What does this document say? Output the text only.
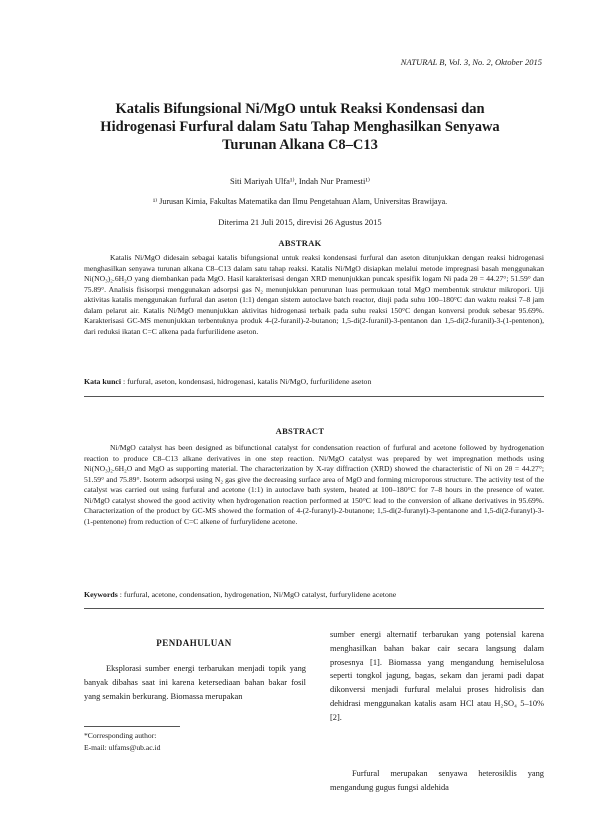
NATURAL B, Vol. 3, No. 2, Oktober 2015
Katalis Bifungsional Ni/MgO untuk Reaksi Kondensasi dan
Hidrogenasi Furfural dalam Satu Tahap Menghasilkan Senyawa
Turunan Alkana C8–C13
Siti Mariyah Ulfa¹⁾, Indah Nur Pramesti¹⁾
¹⁾ Jurusan Kimia, Fakultas Matematika dan Ilmu Pengetahuan Alam, Universitas Brawijaya.
Diterima 21 Juli 2015, direvisi 26 Agustus 2015
ABSTRAK

Katalis Ni/MgO didesain sebagai katalis bifungsional untuk reaksi kondensasi furfural dan aseton ditunjukkan dengan reaksi hidrogenasi menghasilkan senyawa turunan alkana C8–C13 dalam satu tahap reaksi. Katalis Ni/MgO disiapkan melalui metode impregnasi basah menggunakan Ni(NO₃)₂.6H₂O yang diembankan pada MgO. Hasil karakterisasi dengan XRD menunjukkan puncak spesifik logam Ni pada 2θ = 44.27°; 51.59° dan 75.89°. Analisis fisisorpsi menggunakan adsorpsi gas N₂ menunjukkan penurunan luas permukaan total MgO membentuk struktur mikropori. Uji aktivitas katalis menggunakan furfural dan aseton (1:1) dengan sistem autoclave batch reactor, diuji pada suhu 100–180°C dan waktu reaksi 7–8 jam dalam pelarut air. Katalis Ni/MgO menunjukkan aktivitas hidrogenasi terbaik pada suhu reaksi 150°C dengan konversi produk sebesar 95.69%. Karakterisasi GC-MS menunjukkan terbentuknya produk 4-(2-furanil)-2-butanon; 1,5-di(2-furanil)-3-pentanon dan 1,5-di(2-furanil)-3-(1-pentenon), dari reduksi ikatan C=C alkena pada furfurilidene aseton.

Kata kunci : furfural, aseton, kondensasi, hidrogenasi, katalis Ni/MgO, furfurilidene aseton
ABSTRACT

Ni/MgO catalyst has been designed as bifunctional catalyst for condensation reaction of furfural and acetone followed by hydrogenation reaction to produce C8–C13 alkane derivatives in one step reaction. Ni/MgO catalyst was prepared by wet impregnation methods using Ni(NO₃)₂.6H₂O and MgO as supporting material. The characterization by X-ray diffraction (XRD) showed the characteristic of Ni on 2θ = 44.27°; 51.59° and 75.89°. Isoterm adsorpsi using N₂ gas give the decreasing surface area of MgO and forming microporous structure. The activity test of the catalyst was carried out using furfural and acetone (1:1) in autoclave bath system, heated at 100–180°C for 7–8 hours in the presence of water. Ni/MgO catalyst showed the good activity when hydrogenation reaction performed at 150°C lead to the conversion of alkane derivatives in 95.69%. Characterization of the product by GC-MS showed the formation of 4-(2-furanyl)-2-butanone; 1,5-di(2-furanyl)-3-pentanone and 1,5-di(2-furanyl)-3-(1-pentenone) from reduction of C=C alkene of furfurylidene acetone.

Keywords : furfural, acetone, condensation, hydrogenation, Ni/MgO catalyst, furfurylidene acetone
PENDAHULUAN

Eksplorasi sumber energi terbarukan menjadi topik yang banyak dibahas saat ini karena ketersediaan bahan bakar fosil yang semakin berkurang. Biomassa merupakan

*Corresponding author:
E-mail: ulfams@ub.ac.id

sumber energi alternatif terbarukan yang potensial karena menghasilkan bahan bakar cair secara langsung dalam prosesnya [1]. Biomassa yang mengandung hemiselulosa seperti tongkol jagung, bagas, sekam dan jerami padi dapat dikonversi menjadi furfural melalui proses hidrolisis dan dehidrasi menggunakan katalis asam HCl atau H₂SO₄ 5–10% [2].

Furfural merupakan senyawa heterosiklis yang mengandung gugus fungsi aldehida
